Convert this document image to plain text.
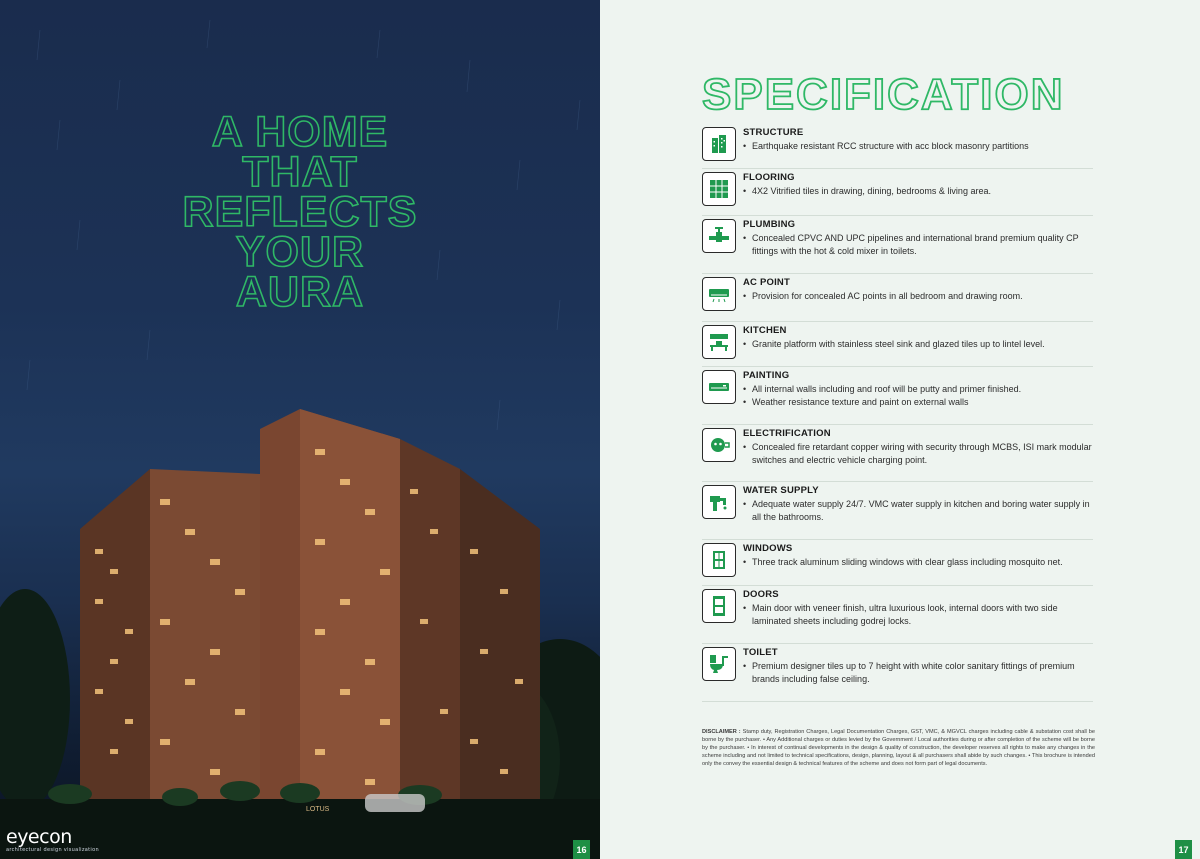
A HOME
THAT
REFLECTS
YOUR
AURA
LOTUS
eyecon
architectural design visualization	16
SPECIFICATION
STRUCTURE
• Earthquake resistant RCC structure with acc block masonry partitions
FLOORING
• 4X2 Vitrified tiles in drawing, dining, bedrooms & living area.
PLUMBING
• Concealed CPVC AND UPC pipelines and international brand premium quality CP fittings with the hot & cold mixer in toilets.
AC POINT
• Provision for concealed AC points in all bedroom and drawing room.
KITCHEN
• Granite platform with stainless steel sink and glazed tiles up to lintel level.
PAINTING
• All internal walls including and roof will be putty and primer finished.
• Weather resistance texture and paint on external walls
ELECTRIFICATION
• Concealed fire retardant copper wiring with security through MCBS, ISI mark modular switches and electric vehicle charging point.
WATER SUPPLY
• Adequate water supply 24/7. VMC water supply in kitchen and boring water supply in all the bathrooms.
WINDOWS
• Three track aluminum sliding windows with clear glass including mosquito net.
DOORS
• Main door with veneer finish, ultra luxurious look, internal doors with two side laminated sheets including godrej locks.
TOILET
• Premium designer tiles up to 7 height with white color sanitary fittings of premium brands including false ceiling.
DISCLAIMER : Stamp duty, Registration Charges, Legal Documentation Charges, GST, VMC, & MGVCL charges including cable & substation cost shall be borne by the purchaser. • Any Additional charges or duties levied by the Government / Local authorities during or after completion of the scheme will be borne by the purchaser. • In interest of continual developments in the design & quality of construction, the developer reserves all rights to make any changes in the scheme including and not limited to technical specifications, design, planning, layout & all purchasers shall abide by such changes. • This brochure is intended only the convey the essential design & technical features of the scheme and does not form part of legal documents.
17
